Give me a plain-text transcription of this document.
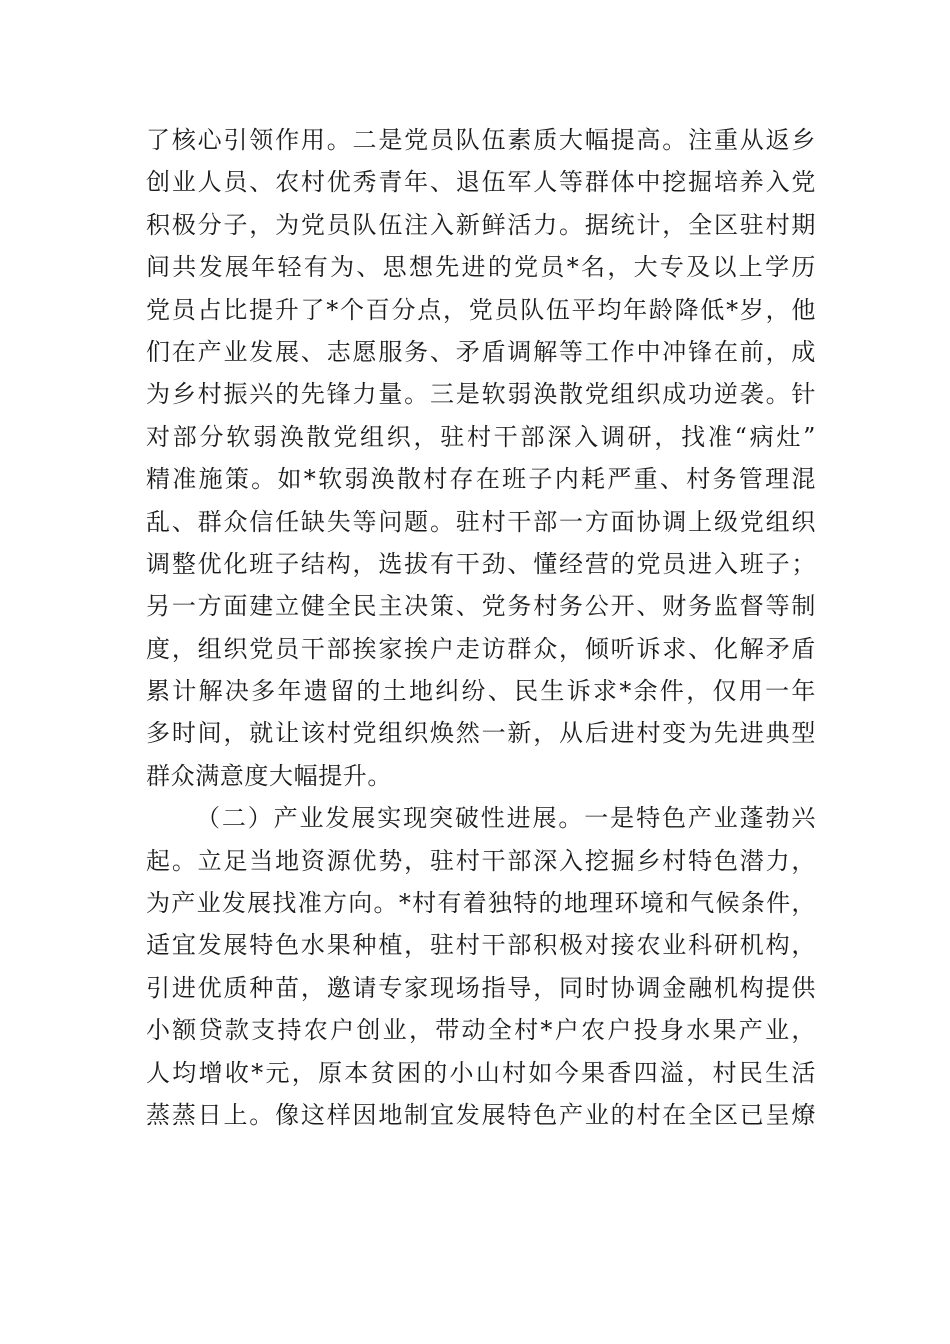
了核心引领作用。二是党员队伍素质大幅提高。注重从返乡
创业人员、农村优秀青年、退伍军人等群体中挖掘培养入党
积极分子，为党员队伍注入新鲜活力。据统计，全区驻村期
间共发展年轻有为、思想先进的党员*名，大专及以上学历
党员占比提升了*个百分点，党员队伍平均年龄降低*岁，他
们在产业发展、志愿服务、矛盾调解等工作中冲锋在前，成
为乡村振兴的先锋力量。三是软弱涣散党组织成功逆袭。针
对部分软弱涣散党组织，驻村干部深入调研，找准“病灶”
精准施策。如*软弱涣散村存在班子内耗严重、村务管理混
乱、群众信任缺失等问题。驻村干部一方面协调上级党组织
调整优化班子结构，选拔有干劲、懂经营的党员进入班子；
另一方面建立健全民主决策、党务村务公开、财务监督等制
度，组织党员干部挨家挨户走访群众，倾听诉求、化解矛盾
累计解决多年遗留的土地纠纷、民生诉求*余件，仅用一年
多时间，就让该村党组织焕然一新，从后进村变为先进典型
群众满意度大幅提升。
（二）产业发展实现突破性进展。一是特色产业蓬勃兴
起。立足当地资源优势，驻村干部深入挖掘乡村特色潜力，
为产业发展找准方向。*村有着独特的地理环境和气候条件，
适宜发展特色水果种植，驻村干部积极对接农业科研机构，
引进优质种苗，邀请专家现场指导，同时协调金融机构提供
小额贷款支持农户创业，带动全村*户农户投身水果产业，
人均增收*元，原本贫困的小山村如今果香四溢，村民生活
蒸蒸日上。像这样因地制宜发展特色产业的村在全区已呈燎
